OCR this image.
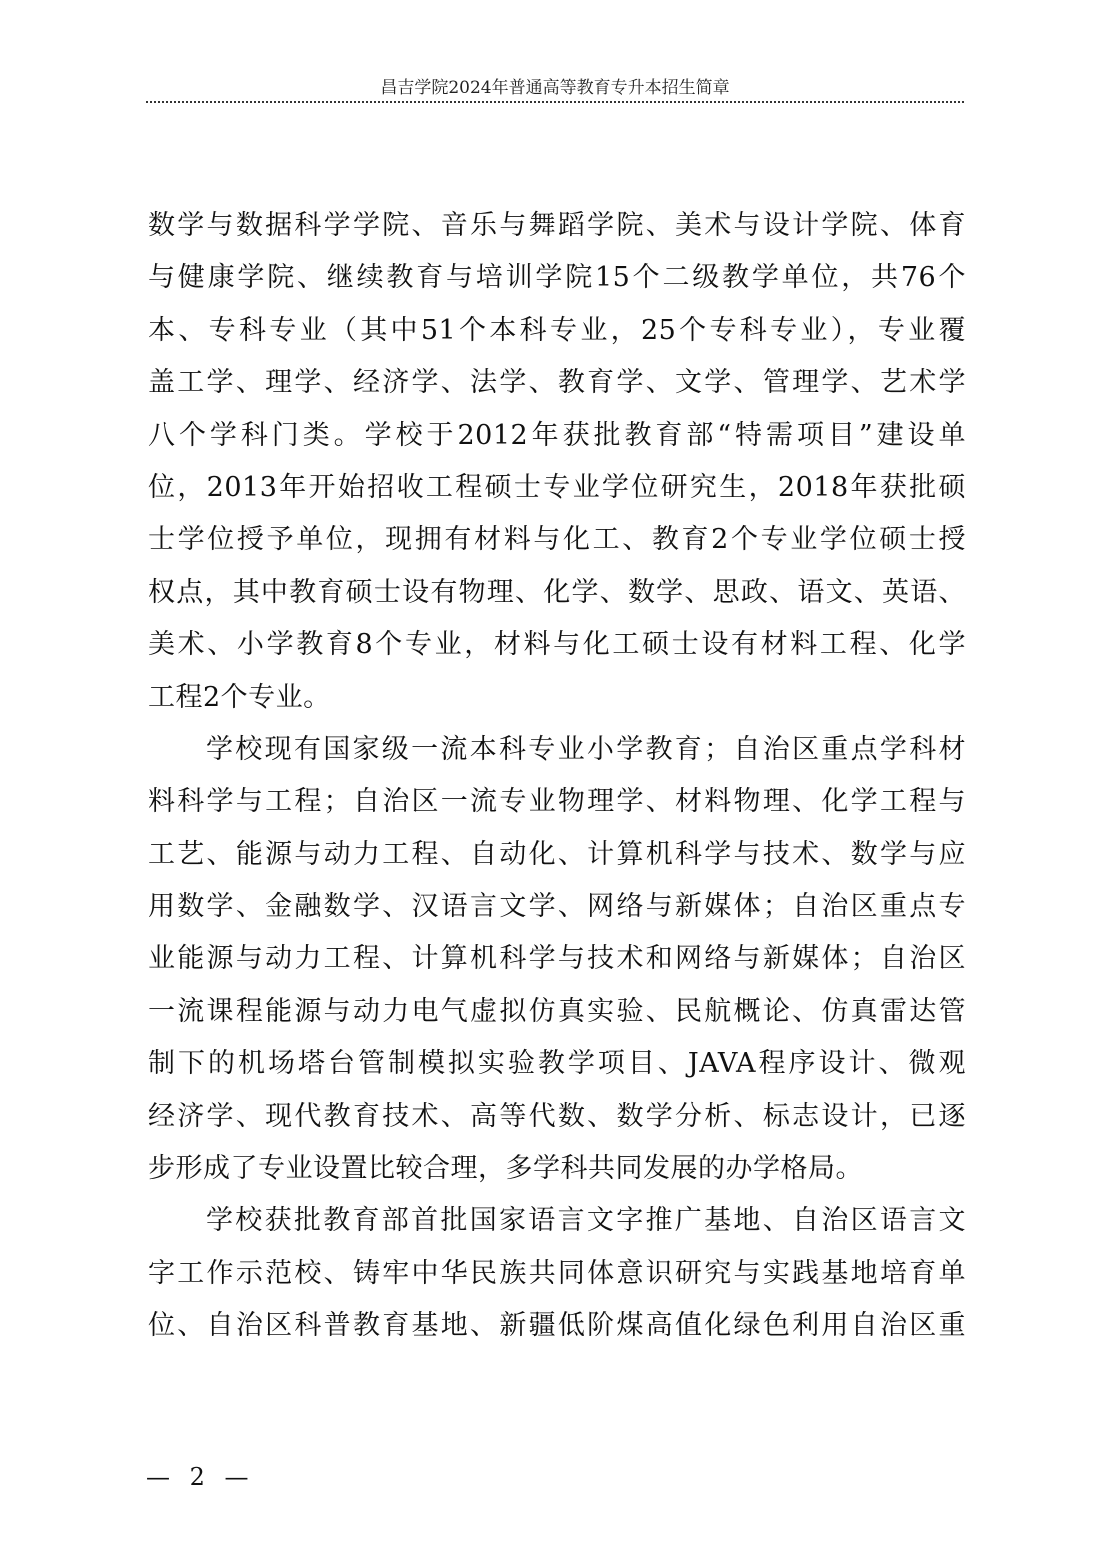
昌吉学院2024年普通高等教育专升本招生简章
数学与数据科学学院、音乐与舞蹈学院、美术与设计学院、体育
与健康学院、继续教育与培训学院15个二级教学单位，共76个
本、专科专业（其中51个本科专业，25个专科专业），专业覆
盖工学、理学、经济学、法学、教育学、文学、管理学、艺术学
八个学科门类。学校于2012年获批教育部“特需项目”建设单
位，2013年开始招收工程硕士专业学位研究生，2018年获批硕
士学位授予单位，现拥有材料与化工、教育2个专业学位硕士授
权点，其中教育硕士设有物理、化学、数学、思政、语文、英语、
美术、小学教育8个专业，材料与化工硕士设有材料工程、化学
工程2个专业。
学校现有国家级一流本科专业小学教育；自治区重点学科材
料科学与工程；自治区一流专业物理学、材料物理、化学工程与
工艺、能源与动力工程、自动化、计算机科学与技术、数学与应
用数学、金融数学、汉语言文学、网络与新媒体；自治区重点专
业能源与动力工程、计算机科学与技术和网络与新媒体；自治区
一流课程能源与动力电气虚拟仿真实验、民航概论、仿真雷达管
制下的机场塔台管制模拟实验教学项目、JAVA程序设计、微观
经济学、现代教育技术、高等代数、数学分析、标志设计，已逐
步形成了专业设置比较合理，多学科共同发展的办学格局。
学校获批教育部首批国家语言文字推广基地、自治区语言文
字工作示范校、铸牢中华民族共同体意识研究与实践基地培育单
位、自治区科普教育基地、新疆低阶煤高值化绿色利用自治区重
— 2 —
